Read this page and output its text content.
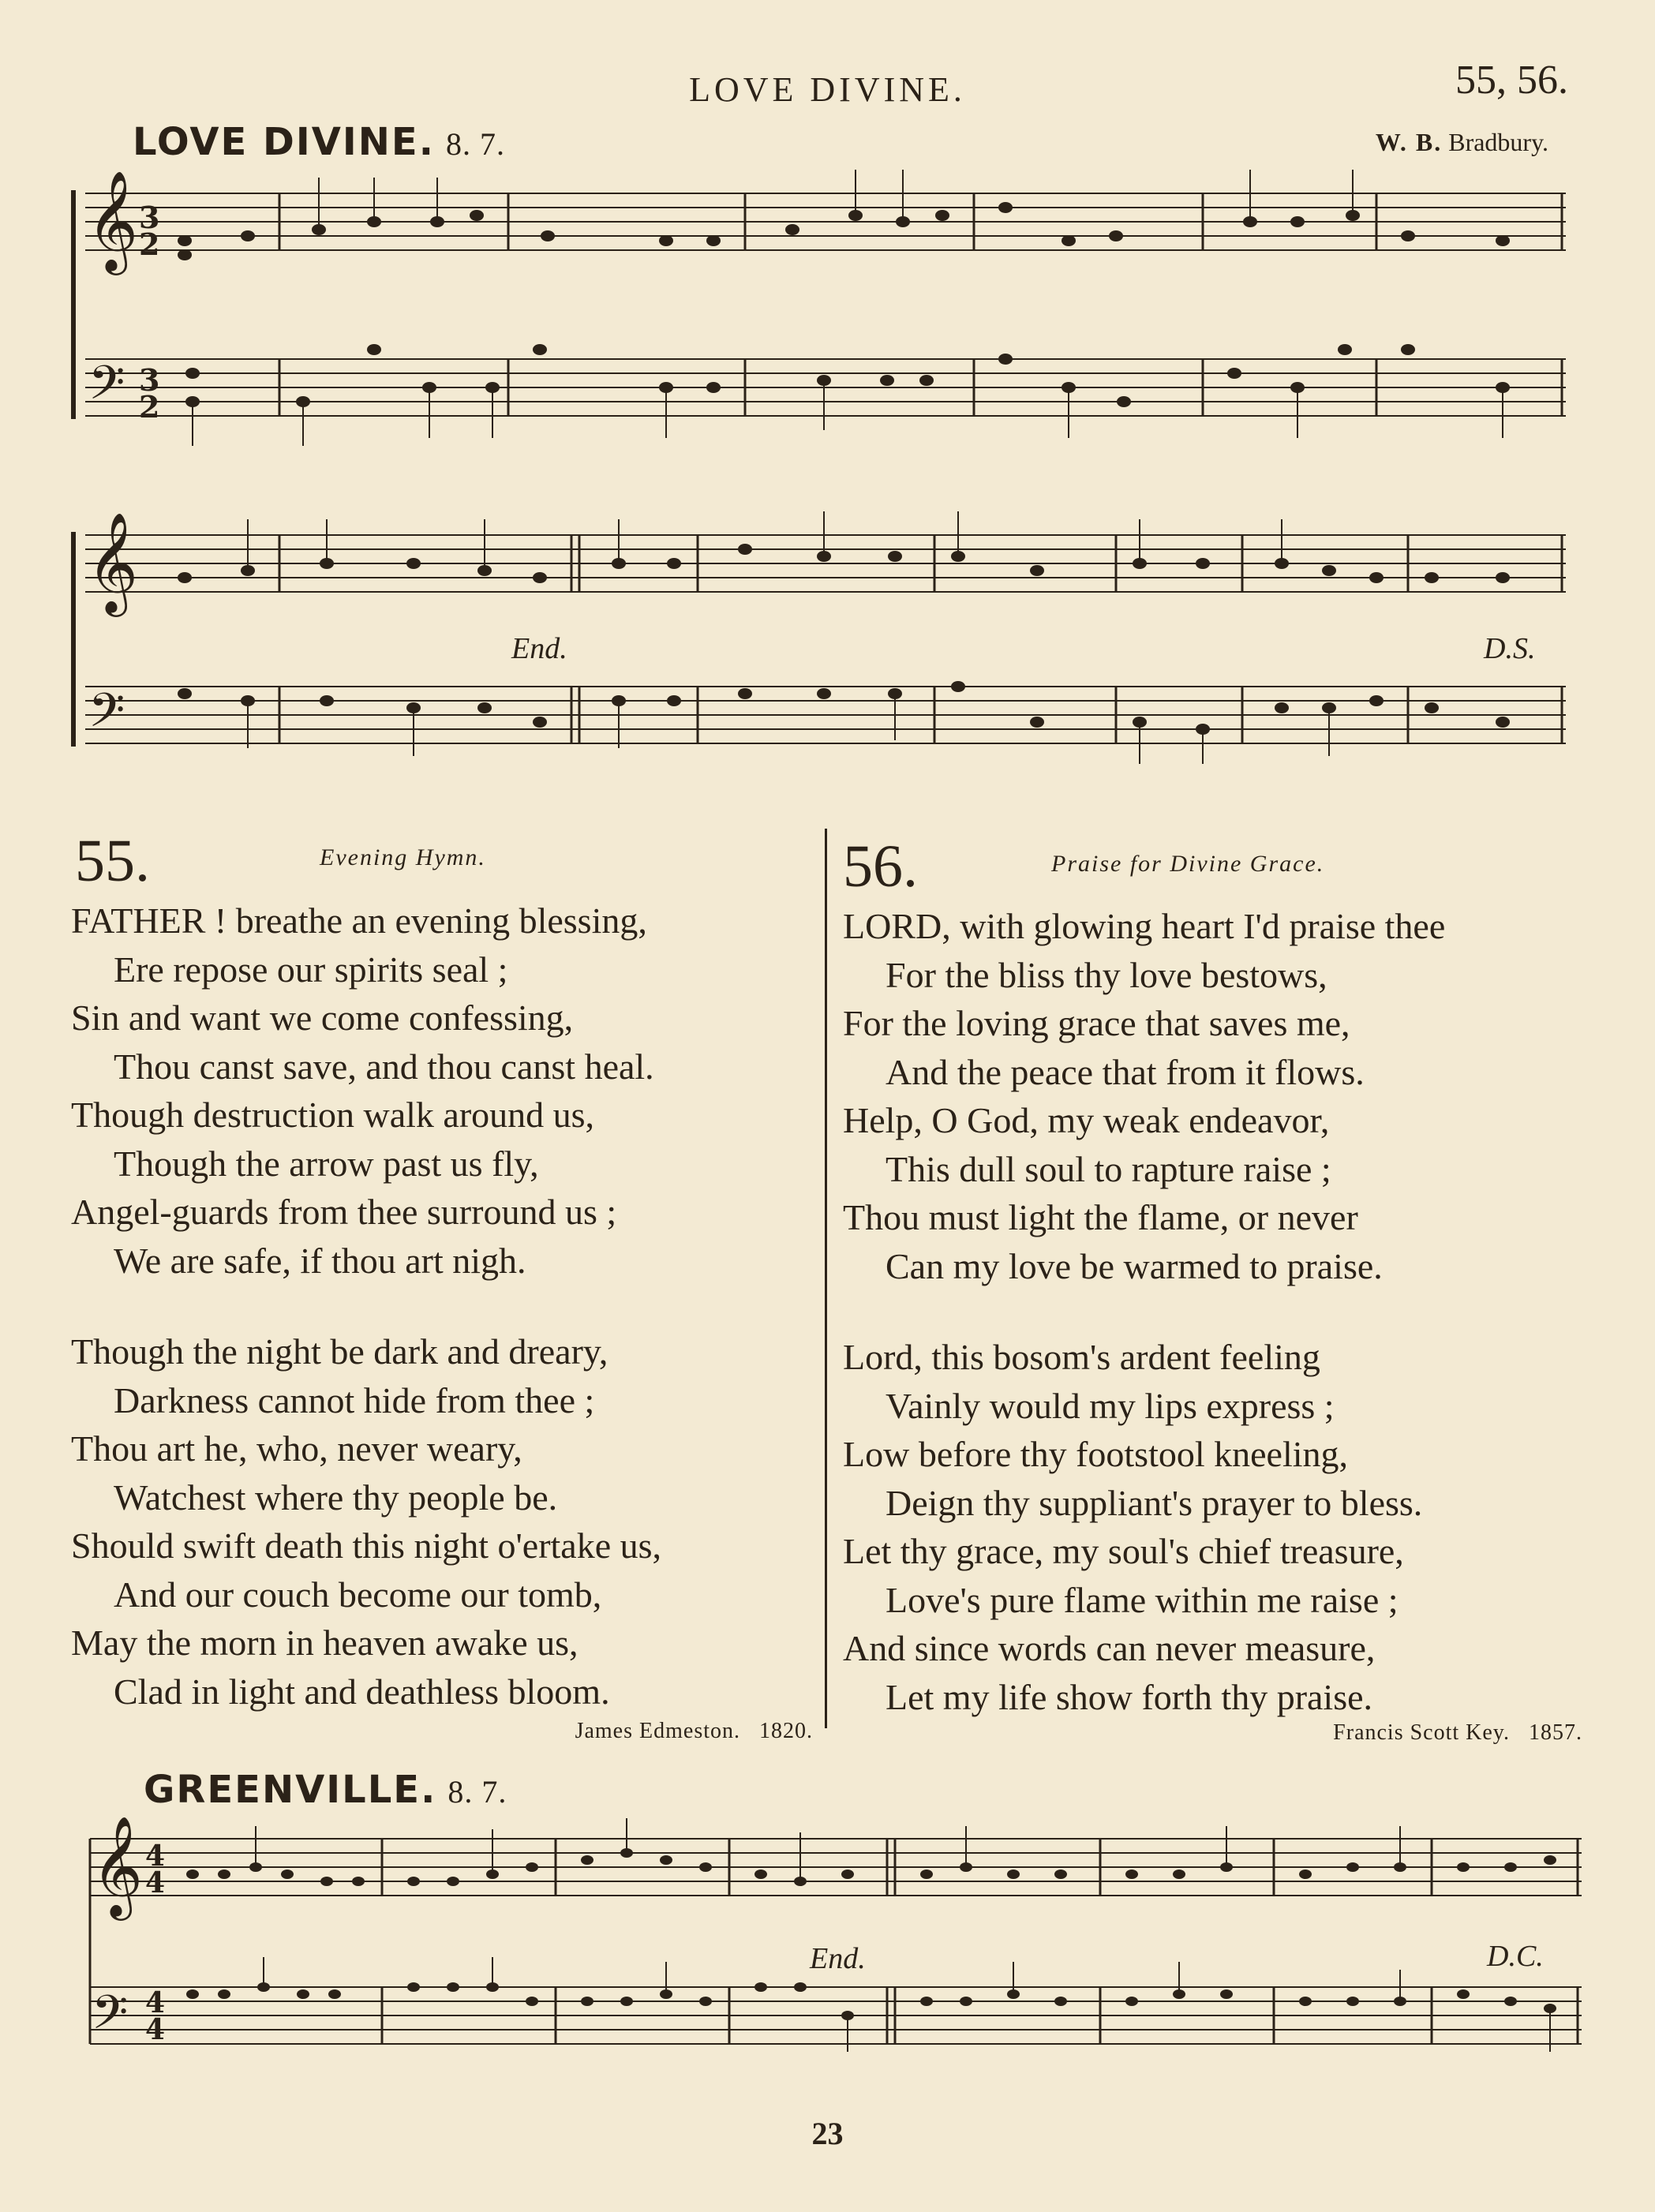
LOVE DIVINE.	55, 56.
LOVE DIVINE. 8. 7.	W. B. Bradbury.
𝄞
𝄢
3
2
3
2
𝄞
𝄢
End.	D.S.
55.	Evening Hymn.
FATHER ! breathe an evening blessing,
Ere repose our spirits seal ;
Sin and want we come confessing,
Thou canst save, and thou canst heal.
Though destruction walk around us,
Though the arrow past us fly,
Angel-guards from thee surround us ;
We are safe, if thou art nigh.
Though the night be dark and dreary,
Darkness cannot hide from thee ;
Thou art he, who, never weary,
Watchest where thy people be.
Should swift death this night o'ertake us,
And our couch become our tomb,
May the morn in heaven awake us,
Clad in light and deathless bloom.
James Edmeston. 1820.
56.	Praise for Divine Grace.
LORD, with glowing heart I'd praise thee
For the bliss thy love bestows,
For the loving grace that saves me,
And the peace that from it flows.
Help, O God, my weak endeavor,
This dull soul to rapture raise ;
Thou must light the flame, or never
Can my love be warmed to praise.
Lord, this bosom's ardent feeling
Vainly would my lips express ;
Low before thy footstool kneeling,
Deign thy suppliant's prayer to bless.
Let thy grace, my soul's chief treasure,
Love's pure flame within me raise ;
And since words can never measure,
Let my life show forth thy praise.
Francis Scott Key. 1857.
GREENVILLE. 8. 7.
𝄞
𝄢
4
4
4
4
End.	D.C.
23
